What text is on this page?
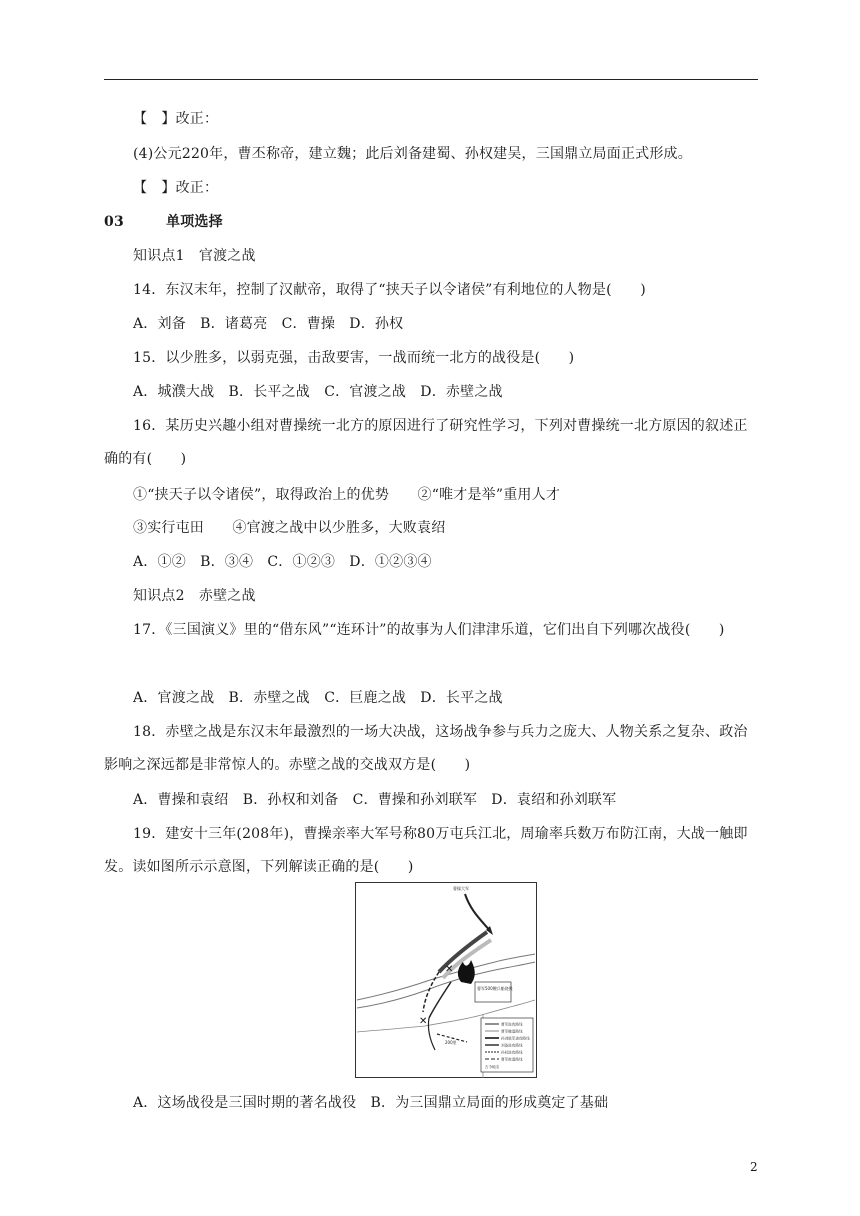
【　】改正：
(4)公元220年，曹丕称帝，建立魏；此后刘备建蜀、孙权建吴，三国鼎立局面正式形成。
【　】改正：
03	单项选择
知识点1　官渡之战
14．东汉末年，控制了汉献帝，取得了“挟天子以令诸侯”有利地位的人物是(　　)
A．刘备　B．诸葛亮　C．曹操　D．孙权
15．以少胜多，以弱克强，击敌要害，一战而统一北方的战役是(　　)
A．城濮大战　B．长平之战　C．官渡之战　D．赤壁之战
16．某历史兴趣小组对曹操统一北方的原因进行了研究性学习，下列对曹操统一北方原因的叙述正确的有(　　)
①“挟天子以令诸侯”，取得政治上的优势　　②“唯才是举”重用人才
③实行屯田　　④官渡之战中以少胜多，大败袁绍
A．①②　B．③④　C．①②③　D．①②③④
知识点2　赤壁之战
17．《三国演义》里的“借东风”“连环计”的故事为人们津津乐道，它们出自下列哪次战役(　　)
A．官渡之战　B．赤壁之战　C．巨鹿之战　D．长平之战
18．赤壁之战是东汉末年最激烈的一场大决战，这场战争参与兵力之庞大、人物关系之复杂、政治影响之深远都是非常惊人的。赤壁之战的交战双方是(　　)
A．曹操和袁绍　B．孙权和刘备　C．曹操和孙刘联军　D．袁绍和孙刘联军
19．建安十三年(208年)，曹操亲率大军号称80万屯兵江北，周瑜率兵数万布防江南，大战一触即发。读如图所示示意图，下列解读正确的是(　　)
✕
✕
曹军500艘兵船烧毁
曹军进攻路线
曹军撤退路线
孙刘联军进攻路线
刘备进攻路线
孙权进攻路线
曹军败退路线
古今地名
曹操大军
200里
A．这场战役是三国时期的著名战役　B．为三国鼎立局面的形成奠定了基础
2
